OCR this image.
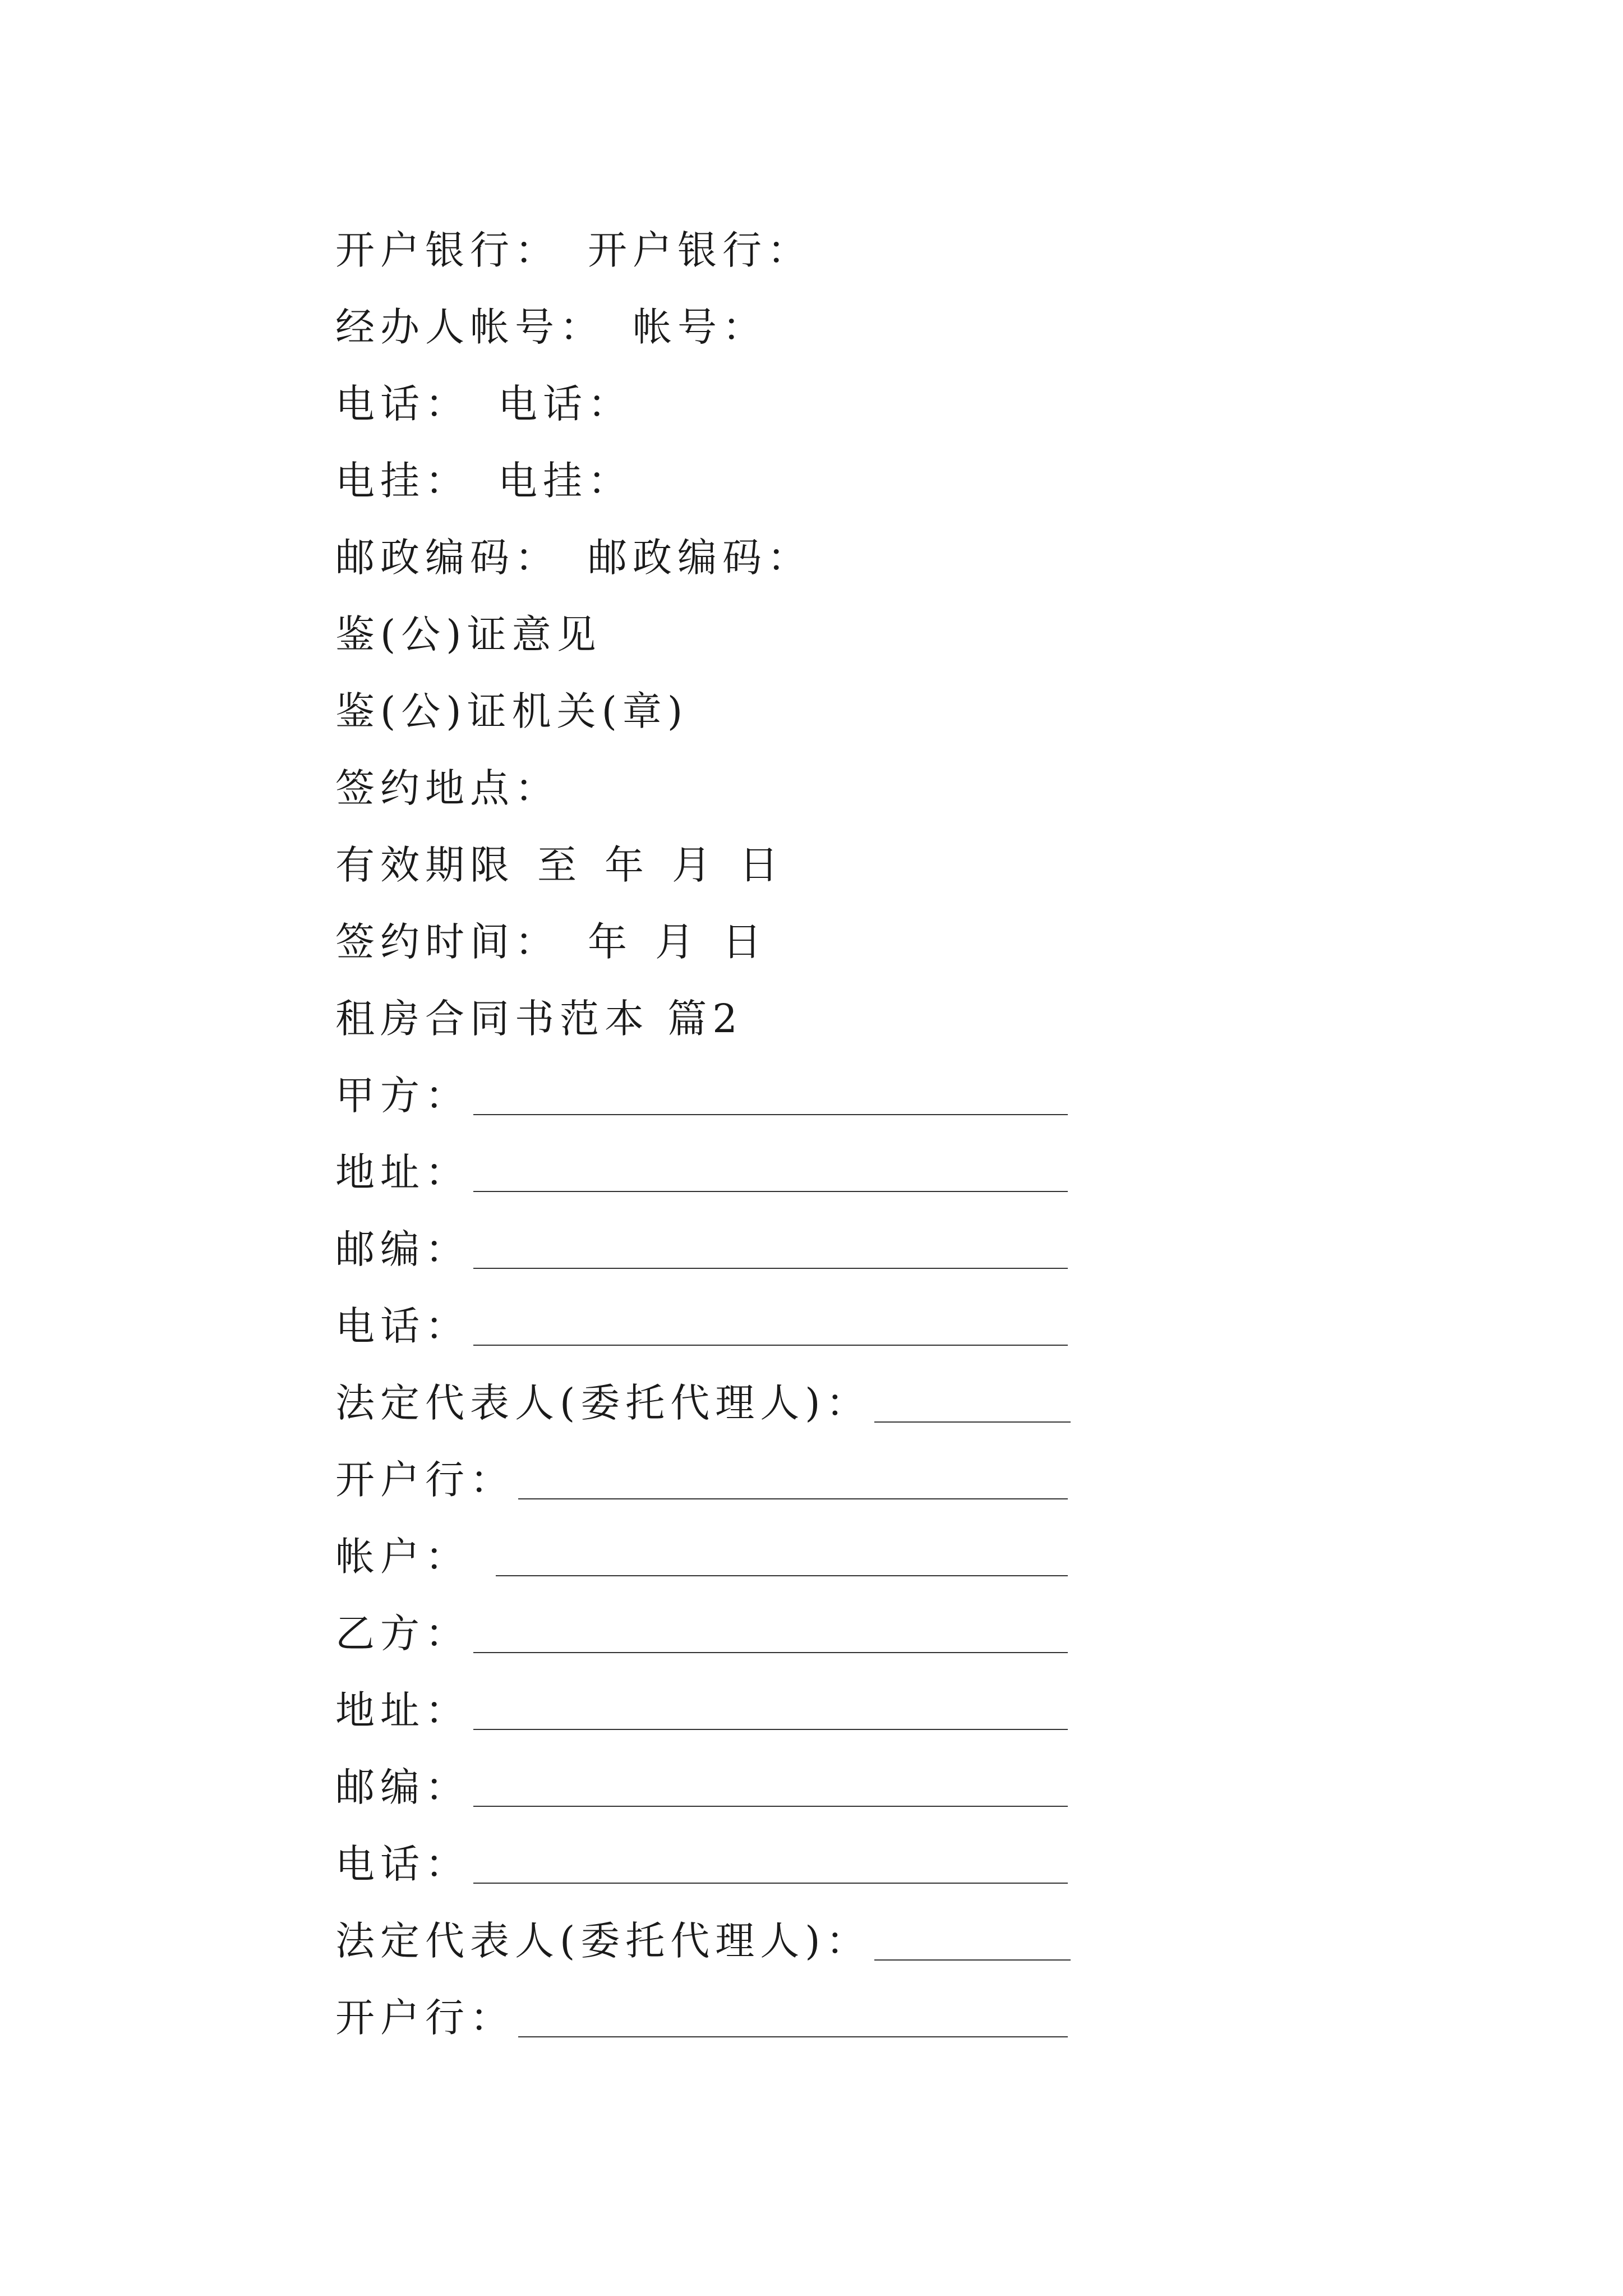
开户银行： 开户银行：
经办人帐号： 帐号：
电话： 电话：
电挂： 电挂：
邮政编码： 邮政编码：
鉴(公)证意见
鉴(公)证机关(章)
签约地点：
有效期限 至 年 月 日
签约时间： 年 月 日
租房合同书范本 篇2
甲方：
地址：
邮编：
电话：
法定代表人(委托代理人)：
开户行：
帐户：
乙方：
地址：
邮编：
电话：
法定代表人(委托代理人)：
开户行：
